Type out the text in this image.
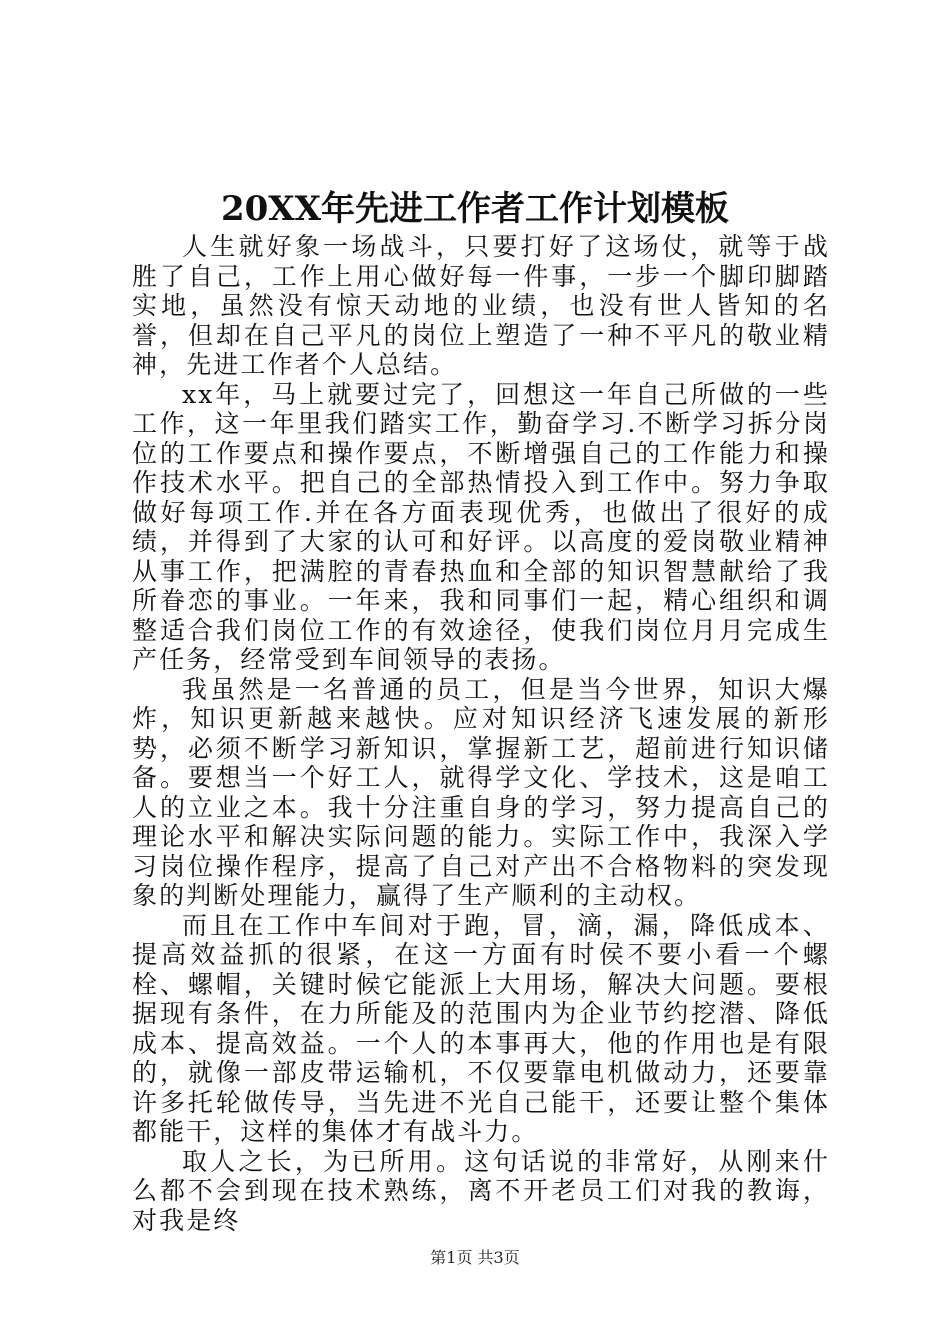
20XX年先进工作者工作计划模板

人生就好象一场战斗，只要打好了这场仗，就等于战胜了自己，工作上用心做好每一件事，一步一个脚印脚踏实地，虽然没有惊天动地的业绩，也没有世人皆知的名誉，但却在自己平凡的岗位上塑造了一种不平凡的敬业精神，先进工作者个人总结。

xx年，马上就要过完了，回想这一年自己所做的一些工作，这一年里我们踏实工作，勤奋学习.不断学习拆分岗位的工作要点和操作要点，不断增强自己的工作能力和操作技术水平。把自己的全部热情投入到工作中。努力争取做好每项工作.并在各方面表现优秀，也做出了很好的成绩，并得到了大家的认可和好评。以高度的爱岗敬业精神从事工作，把满腔的青春热血和全部的知识智慧献给了我所眷恋的事业。一年来，我和同事们一起，精心组织和调整适合我们岗位工作的有效途径，使我们岗位月月完成生产任务，经常受到车间领导的表扬。

我虽然是一名普通的员工，但是当今世界，知识大爆炸，知识更新越来越快。应对知识经济飞速发展的新形势，必须不断学习新知识，掌握新工艺，超前进行知识储备。要想当一个好工人，就得学文化、学技术，这是咱工人的立业之本。我十分注重自身的学习，努力提高自己的理论水平和解决实际问题的能力。实际工作中，我深入学习岗位操作程序，提高了自己对产出不合格物料的突发现象的判断处理能力，赢得了生产顺利的主动权。

而且在工作中车间对于跑，冒，滴，漏，降低成本、提高效益抓的很紧，在这一方面有时侯不要小看一个螺栓、螺帽，关键时候它能派上大用场，解决大问题。要根据现有条件，在力所能及的范围内为企业节约挖潜、降低成本、提高效益。一个人的本事再大，他的作用也是有限的，就像一部皮带运输机，不仅要靠电机做动力，还要靠许多托轮做传导，当先进不光自己能干，还要让整个集体都能干，这样的集体才有战斗力。

取人之长，为已所用。这句话说的非常好，从刚来什么都不会到现在技术熟练，离不开老员工们对我的教诲，对我是终

第1页 共3页
